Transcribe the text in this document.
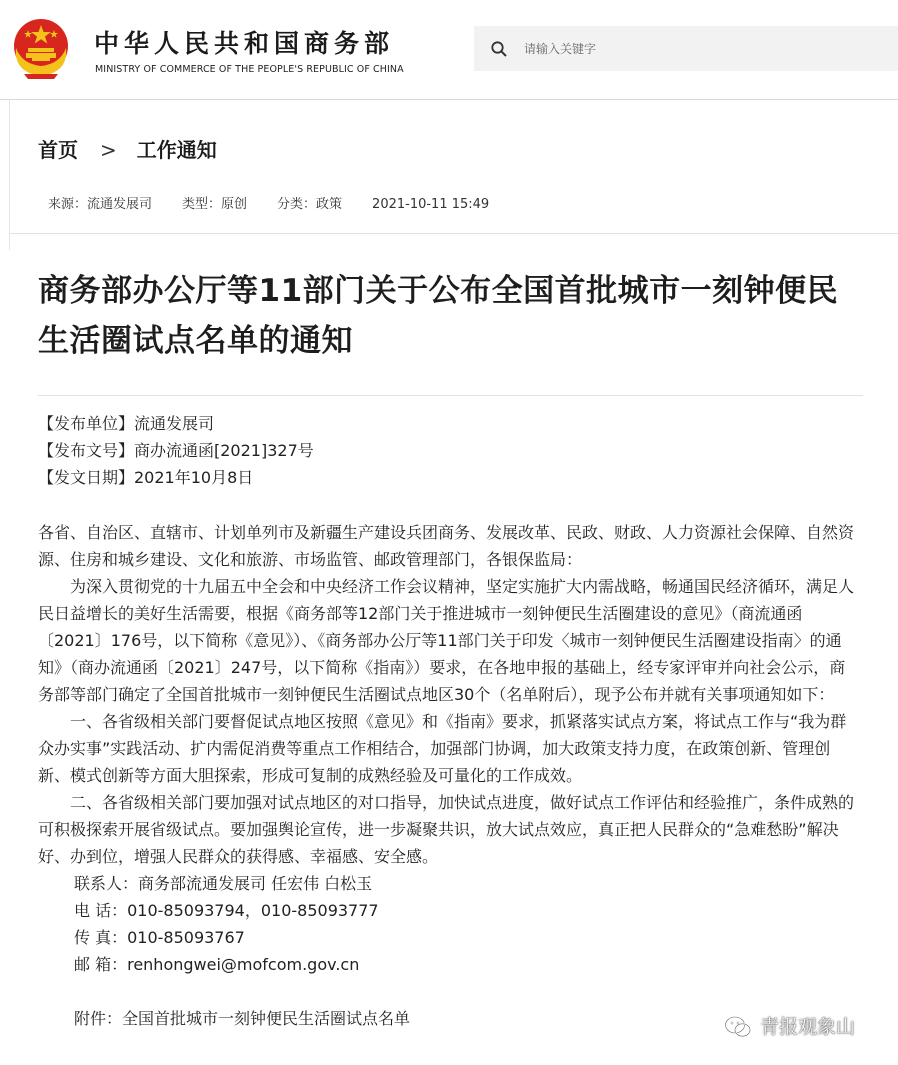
中华人民共和国商务部
MINISTRY OF COMMERCE OF THE PEOPLE'S REPUBLIC OF CHINA
请输入关键字
首页 > 工作通知
来源：流通发展司 类型：原创 分类：政策 2021-10-11 15:49
商务部办公厅等11部门关于公布全国首批城市一刻钟便民生活圈试点名单的通知
【发布单位】流通发展司
【发布文号】商办流通函[2021]327号
【发文日期】2021年10月8日

各省、自治区、直辖市、计划单列市及新疆生产建设兵团商务、发展改革、民政、财政、人力资源社会保障、自然资源、住房和城乡建设、文化和旅游、市场监管、邮政管理部门，各银保监局：

为深入贯彻党的十九届五中全会和中央经济工作会议精神，坚定实施扩大内需战略，畅通国民经济循环，满足人民日益增长的美好生活需要，根据《商务部等12部门关于推进城市一刻钟便民生活圈建设的意见》（商流通函〔2021〕176号，以下简称《意见》）、《商务部办公厅等11部门关于印发〈城市一刻钟便民生活圈建设指南〉的通知》（商办流通函〔2021〕247号，以下简称《指南》）要求，在各地申报的基础上，经专家评审并向社会公示，商务部等部门确定了全国首批城市一刻钟便民生活圈试点地区30个（名单附后），现予公布并就有关事项通知如下：

一、各省级相关部门要督促试点地区按照《意见》和《指南》要求，抓紧落实试点方案，将试点工作与“我为群众办实事”实践活动、扩内需促消费等重点工作相结合，加强部门协调，加大政策支持力度，在政策创新、管理创新、模式创新等方面大胆探索，形成可复制的成熟经验及可量化的工作成效。

二、各省级相关部门要加强对试点地区的对口指导，加快试点进度，做好试点工作评估和经验推广，条件成熟的可积极探索开展省级试点。要加强舆论宣传，进一步凝聚共识，放大试点效应，真正把人民群众的“急难愁盼”解决好、办到位，增强人民群众的获得感、幸福感、安全感。

联系人：商务部流通发展司 任宏伟 白松玉

电 话：010-85093794，010-85093777

传 真：010-85093767

邮 箱：renhongwei@mofcom.gov.cn

附件：全国首批城市一刻钟便民生活圈试点名单	青报观象山
